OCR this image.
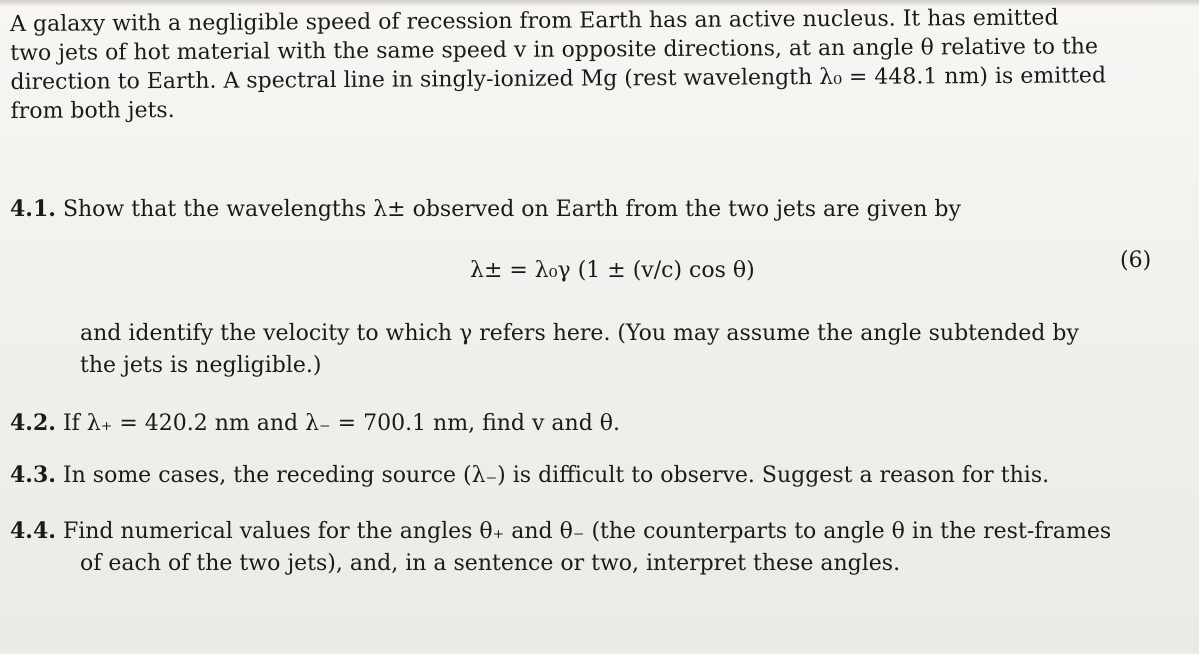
A galaxy with a negligible speed of recession from Earth has an active nucleus. It has emitted
two jets of hot material with the same speed v in opposite directions, at an angle θ relative to the
direction to Earth. A spectral line in singly-ionized Mg (rest wavelength λ₀ = 448.1 nm) is emitted
from both jets.
4.1. Show that the wavelengths λ± observed on Earth from the two jets are given by
λ± = λ₀γ (1 ± (v/c) cos θ)	(6)
and identify the velocity to which γ refers here. (You may assume the angle subtended by
the jets is negligible.)
4.2. If λ₊ = 420.2 nm and λ₋ = 700.1 nm, find v and θ.
4.3. In some cases, the receding source (λ₋) is difficult to observe. Suggest a reason for this.
4.4. Find numerical values for the angles θ₊ and θ₋ (the counterparts to angle θ in the rest-frames
of each of the two jets), and, in a sentence or two, interpret these angles.
